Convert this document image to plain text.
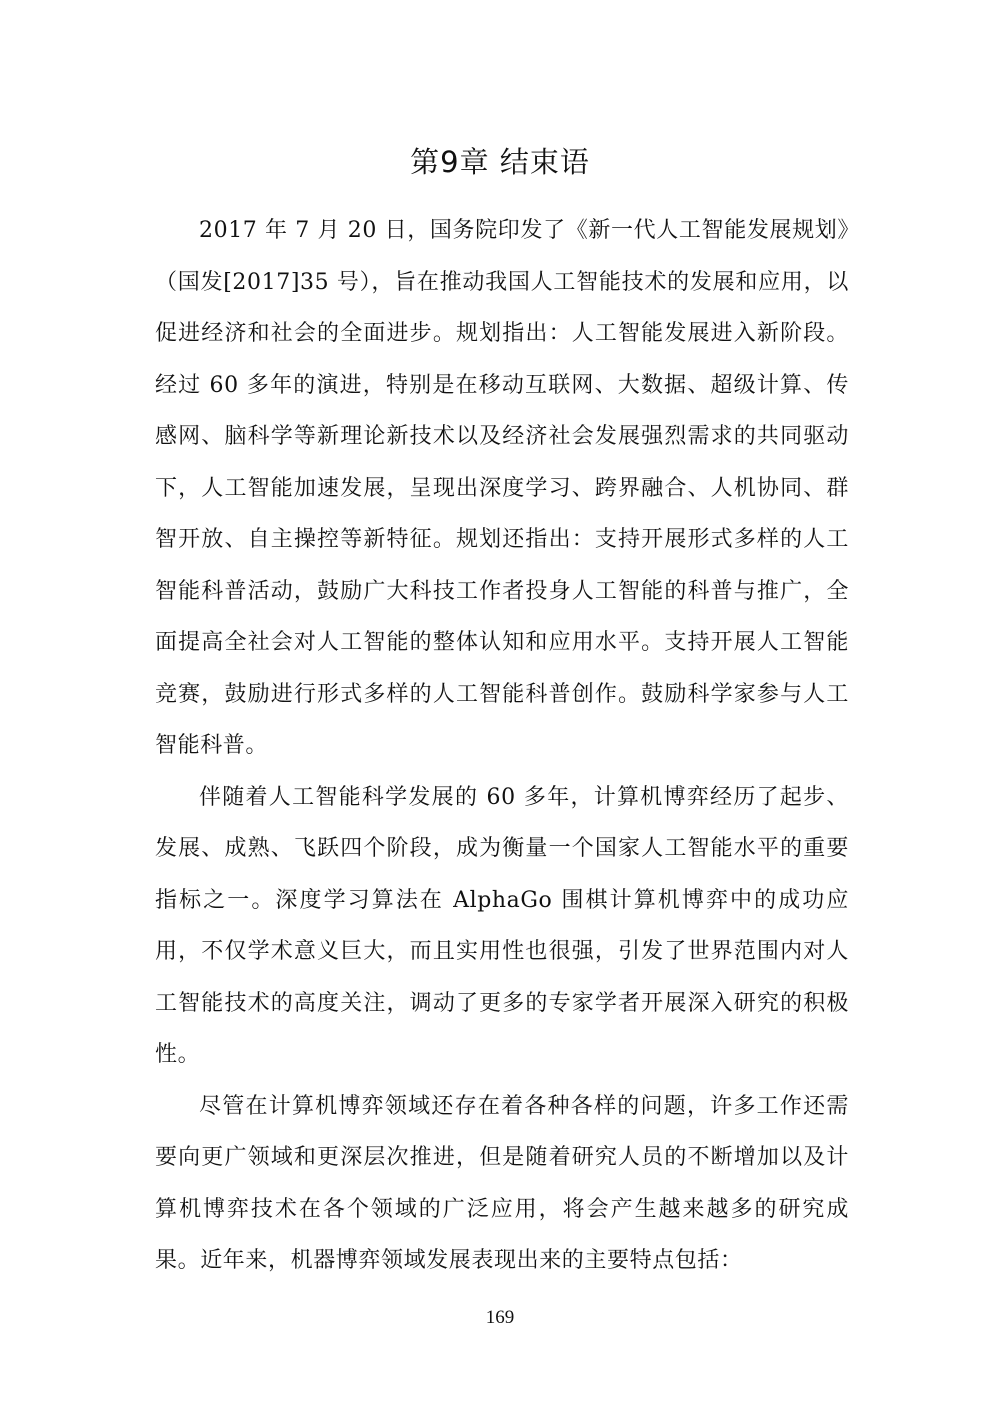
第9章 结束语

2017 年 7 月 20 日，国务院印发了《新一代人工智能发展规划》（国发[2017]35 号），旨在推动我国人工智能技术的发展和应用，以促进经济和社会的全面进步。规划指出：人工智能发展进入新阶段。经过 60 多年的演进，特别是在移动互联网、大数据、超级计算、传感网、脑科学等新理论新技术以及经济社会发展强烈需求的共同驱动下，人工智能加速发展，呈现出深度学习、跨界融合、人机协同、群智开放、自主操控等新特征。规划还指出：支持开展形式多样的人工智能科普活动，鼓励广大科技工作者投身人工智能的科普与推广，全面提高全社会对人工智能的整体认知和应用水平。支持开展人工智能竞赛，鼓励进行形式多样的人工智能科普创作。鼓励科学家参与人工智能科普。

伴随着人工智能科学发展的 60 多年，计算机博弈经历了起步、发展、成熟、飞跃四个阶段，成为衡量一个国家人工智能水平的重要指标之一。深度学习算法在 AlphaGo 围棋计算机博弈中的成功应用，不仅学术意义巨大，而且实用性也很强，引发了世界范围内对人工智能技术的高度关注，调动了更多的专家学者开展深入研究的积极性。

尽管在计算机博弈领域还存在着各种各样的问题，许多工作还需要向更广领域和更深层次推进，但是随着研究人员的不断增加以及计算机博弈技术在各个领域的广泛应用，将会产生越来越多的研究成果。近年来，机器博弈领域发展表现出来的主要特点包括：

169
